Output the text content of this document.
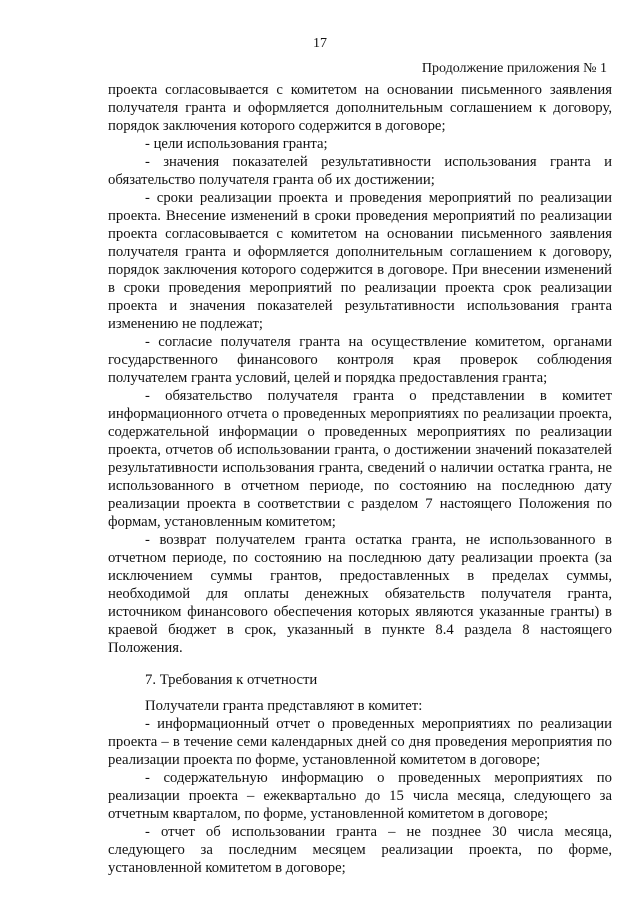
17
Продолжение приложения № 1

проекта согласовывается с комитетом на основании письменного заявления получателя гранта и оформляется дополнительным соглашением к договору, порядок заключения которого содержится в договоре;

- цели использования гранта;

- значения показателей результативности использования гранта и обязательство получателя гранта об их достижении;

- сроки реализации проекта и проведения мероприятий по реализации проекта. Внесение изменений в сроки проведения мероприятий по реализации проекта согласовывается с комитетом на основании письменного заявления получателя гранта и оформляется дополнительным соглашением к договору, порядок заключения которого содержится в договоре. При внесении изменений в сроки проведения мероприятий по реализации проекта срок реализации проекта и значения показателей результативности использования гранта изменению не подлежат;

- согласие получателя гранта на осуществление комитетом, органами государственного финансового контроля края проверок соблюдения получателем гранта условий, целей и порядка предоставления гранта;

- обязательство получателя гранта о представлении в комитет информационного отчета о проведенных мероприятиях по реализации проекта, содержательной информации о проведенных мероприятиях по реализации проекта, отчетов об использовании гранта, о достижении значений показателей результативности использования гранта, сведений о наличии остатка гранта, не использованного в отчетном периоде, по состоянию на последнюю дату реализации проекта в соответствии с разделом 7 настоящего Положения по формам, установленным комитетом;

- возврат получателем гранта остатка гранта, не использованного в отчетном периоде, по состоянию на последнюю дату реализации проекта (за исключением суммы грантов, предоставленных в пределах суммы, необходимой для оплаты денежных обязательств получателя гранта, источником финансового обеспечения которых являются указанные гранты) в краевой бюджет в срок, указанный в пункте 8.4 раздела 8 настоящего Положения.

7. Требования к отчетности

Получатели гранта представляют в комитет:

- информационный отчет о проведенных мероприятиях по реализации проекта – в течение семи календарных дней со дня проведения мероприятия по реализации проекта по форме, установленной комитетом в договоре;

- содержательную информацию о проведенных мероприятиях по реализации проекта – ежеквартально до 15 числа месяца, следующего за отчетным кварталом, по форме, установленной комитетом в договоре;

- отчет об использовании гранта – не позднее 30 числа месяца, следующего за последним месяцем реализации проекта, по форме, установленной комитетом в договоре;
